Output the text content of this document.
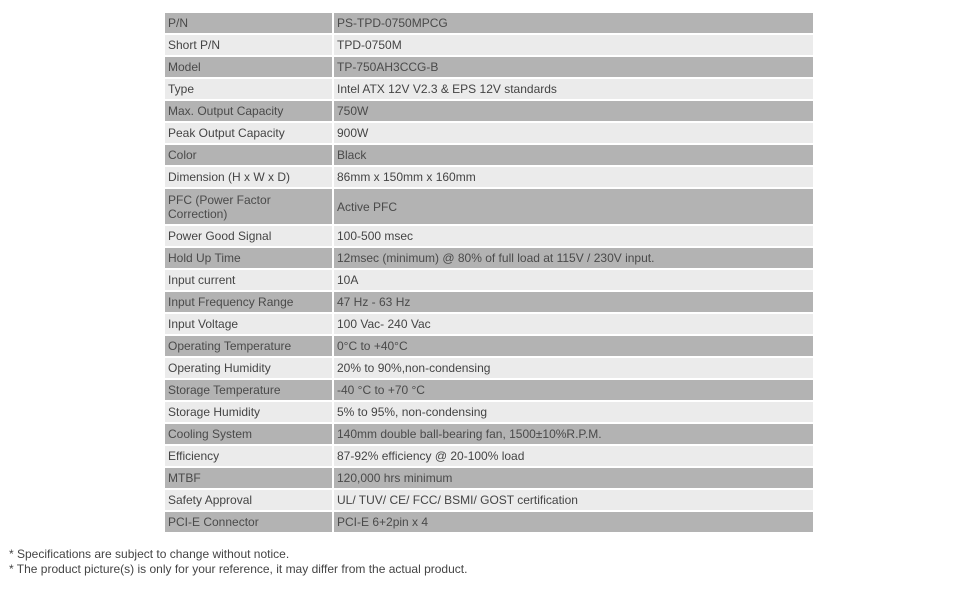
P/N	PS-TPD-0750MPCG
Short P/N	TPD-0750M
Model	TP-750AH3CCG-B
Type	Intel ATX 12V V2.3 & EPS 12V standards
Max. Output Capacity	750W
Peak Output Capacity	900W
Color	Black
Dimension (H x W x D)	86mm x 150mm x 160mm
PFC (Power Factor Correction)	Active PFC
Power Good Signal	100-500 msec
Hold Up Time	12msec (minimum) @ 80% of full load at 115V / 230V input.
Input current	10A
Input Frequency Range	47 Hz - 63 Hz
Input Voltage	100 Vac- 240 Vac
Operating Temperature	0°C to +40°C
Operating Humidity	20% to 90%,non-condensing
Storage Temperature	-40 °C to +70 °C
Storage Humidity	5% to 95%, non-condensing
Cooling System	140mm double ball-bearing fan, 1500±10%R.P.M.
Efficiency	87-92% efficiency @ 20-100% load
MTBF	120,000 hrs minimum
Safety Approval	UL/ TUV/ CE/ FCC/ BSMI/ GOST certification
PCI-E Connector	PCI-E 6+2pin x 4
* Specifications are subject to change without notice.
* The product picture(s) is only for your reference, it may differ from the actual product.
